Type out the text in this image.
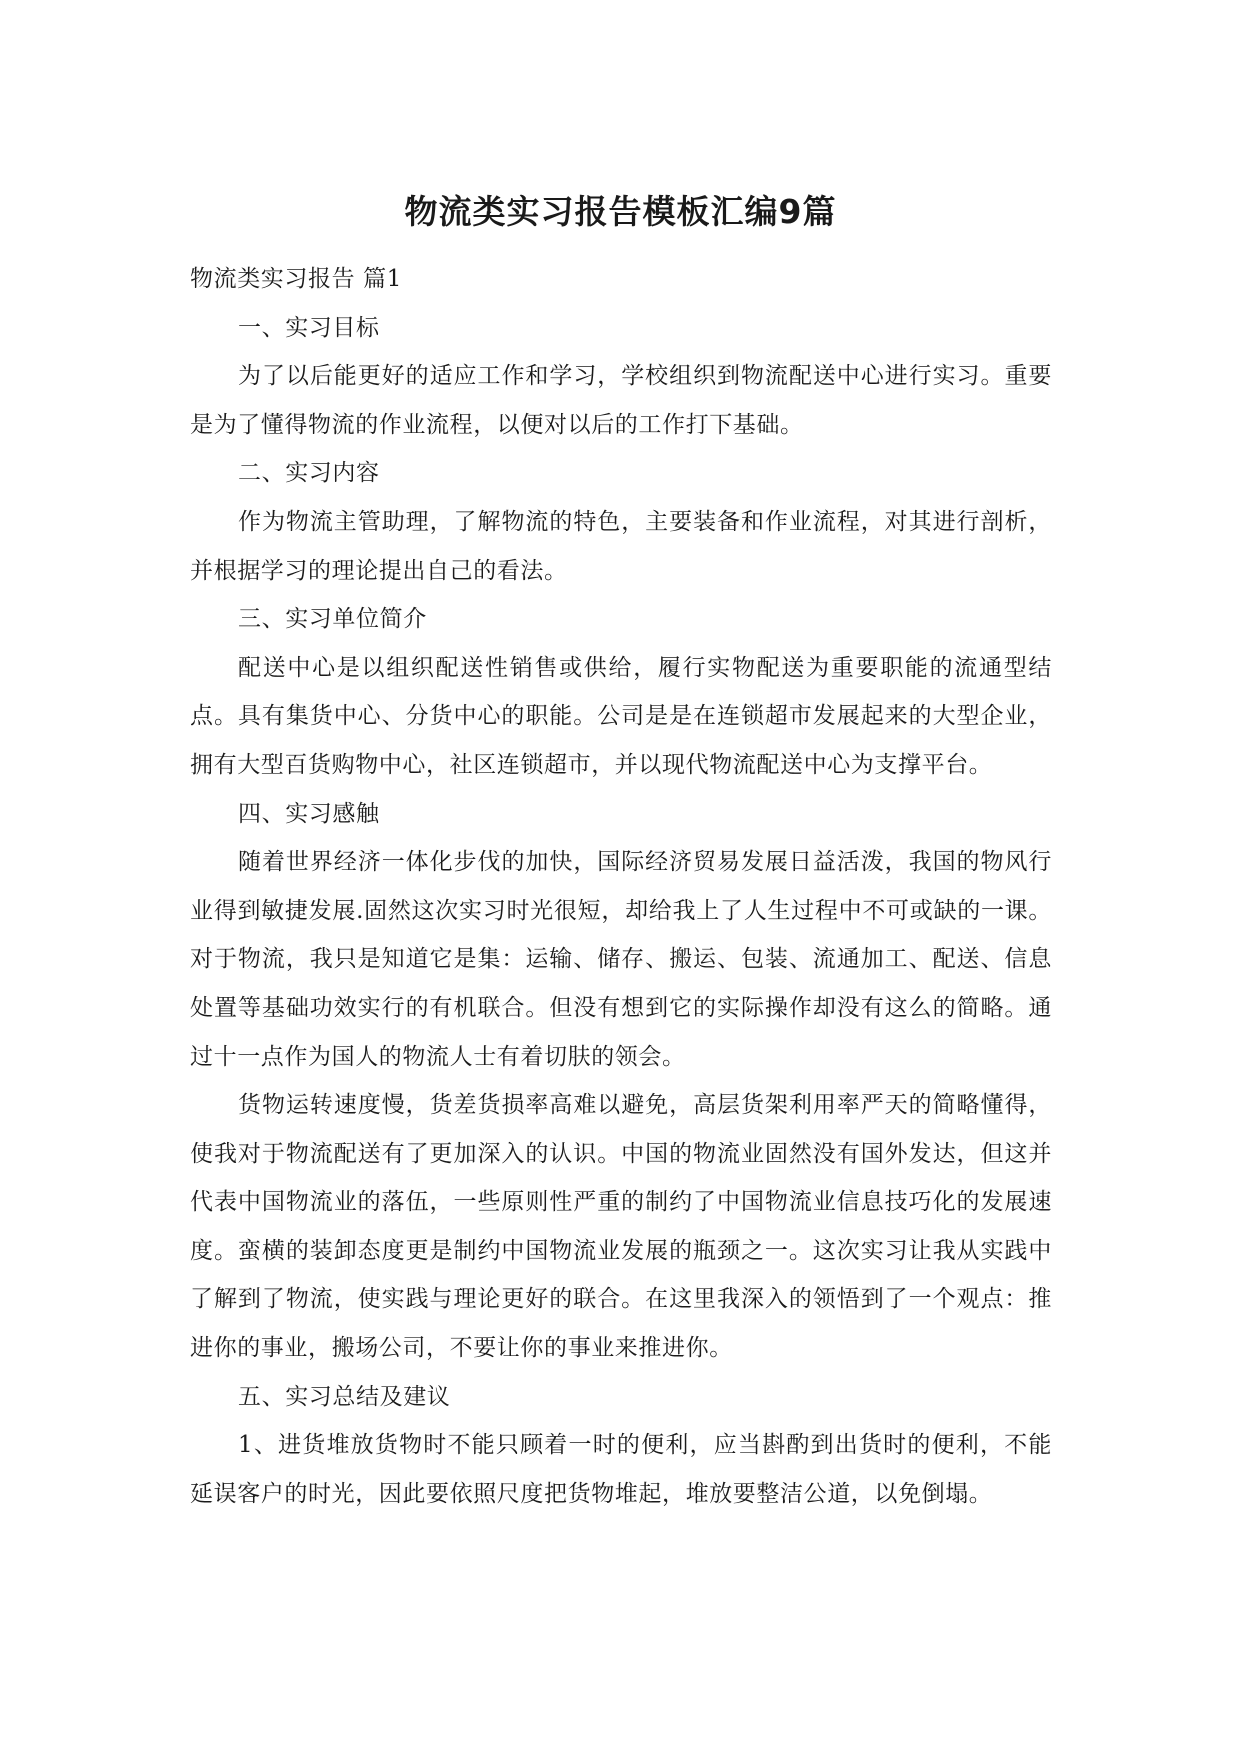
物流类实习报告模板汇编9篇

物流类实习报告 篇1

一、实习目标

为了以后能更好的适应工作和学习，学校组织到物流配送中心进行实习。重要是为了懂得物流的作业流程，以便对以后的工作打下基础。

二、实习内容

作为物流主管助理，了解物流的特色，主要装备和作业流程，对其进行剖析，并根据学习的理论提出自己的看法。

三、实习单位简介

配送中心是以组织配送性销售或供给，履行实物配送为重要职能的流通型结点。具有集货中心、分货中心的职能。公司是是在连锁超市发展起来的大型企业，拥有大型百货购物中心，社区连锁超市，并以现代物流配送中心为支撑平台。

四、实习感触

随着世界经济一体化步伐的加快，国际经济贸易发展日益活泼，我国的物风行业得到敏捷发展.固然这次实习时光很短，却给我上了人生过程中不可或缺的一课。对于物流，我只是知道它是集：运输、储存、搬运、包装、流通加工、配送、信息处置等基础功效实行的有机联合。但没有想到它的实际操作却没有这么的简略。通过十一点作为国人的物流人士有着切肤的领会。

货物运转速度慢，货差货损率高难以避免，高层货架利用率严天的简略懂得，使我对于物流配送有了更加深入的认识。中国的物流业固然没有国外发达，但这并代表中国物流业的落伍，一些原则性严重的制约了中国物流业信息技巧化的发展速度。蛮横的装卸态度更是制约中国物流业发展的瓶颈之一。这次实习让我从实践中了解到了物流，使实践与理论更好的联合。在这里我深入的领悟到了一个观点：推进你的事业，搬场公司，不要让你的事业来推进你。

五、实习总结及建议

1、进货堆放货物时不能只顾着一时的便利，应当斟酌到出货时的便利，不能延误客户的时光，因此要依照尺度把货物堆起，堆放要整洁公道，以免倒塌。
